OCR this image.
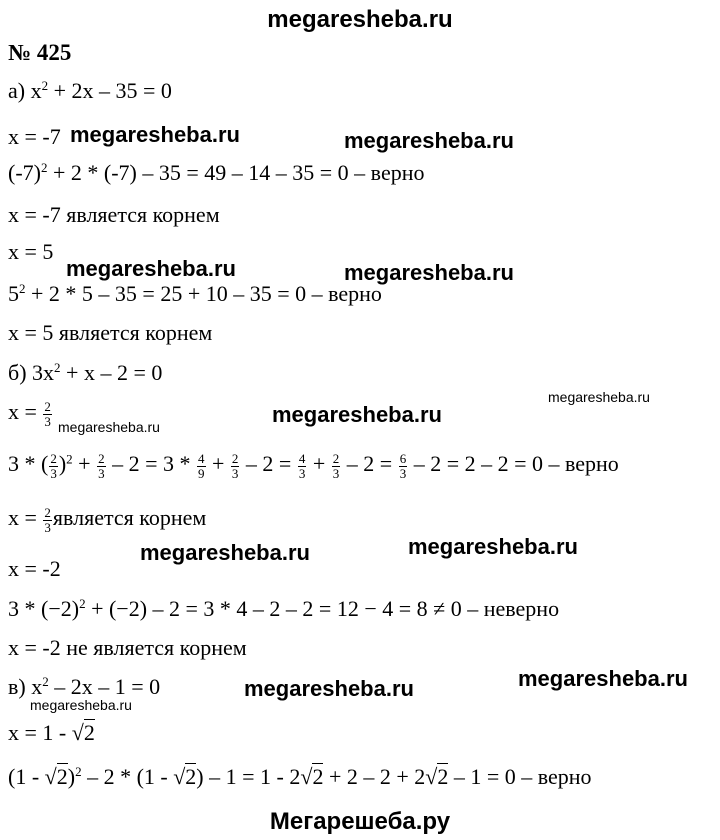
megaresheba.ru
№ 425
а) $x^2 + 2x - 35 = 0$
x = -7 megaresheba.ru	megaresheba.ru
$(-7)^2 + 2 * (-7) - 35 = 49 - 14 - 35 = 0$ – верно
x = -7 является корнем
x = 5
megaresheba.ru	megaresheba.ru
$5^2 + 2 * 5 - 35 = 25 + 10 - 35 = 0$ – верно
x = 5 является корнем
б) $3x^2 + x - 2 = 0$
megaresheba.ru
$x = \frac{2}{3}$ megaresheba.ru	megaresheba.ru
3 * ( $\frac{2}{3} )^2 + \frac{2}{3} - 2 = 3 * \frac{4}{9} + \frac{2}{3} - 2 = \frac{4}{3} + \frac{2}{3} - 2 = \frac{6}{3} - 2 = 2 - 2 = 0$ – верно
$x = \frac{2}{3}$ является корнем
megaresheba.ru	megaresheba.ru
x = -2
$3 * (-2)^2 + (-2) - 2 = 3 * 4 - 2 - 2 = 12 - 4 = 8 \ne 0$ – неверно
x = -2 не является корнем
в) $x^2 - 2x - 1 = 0$
megaresheba.ru
megaresheba.ru	megaresheba.ru
x = 1 - √2
(1 - √2)$^2$ – 2 * (1 - √2) – 1 = 1 - 2√2 + 2 – 2 + 2√2 – 1 = 0 – верно
Мегарешеба.ру
